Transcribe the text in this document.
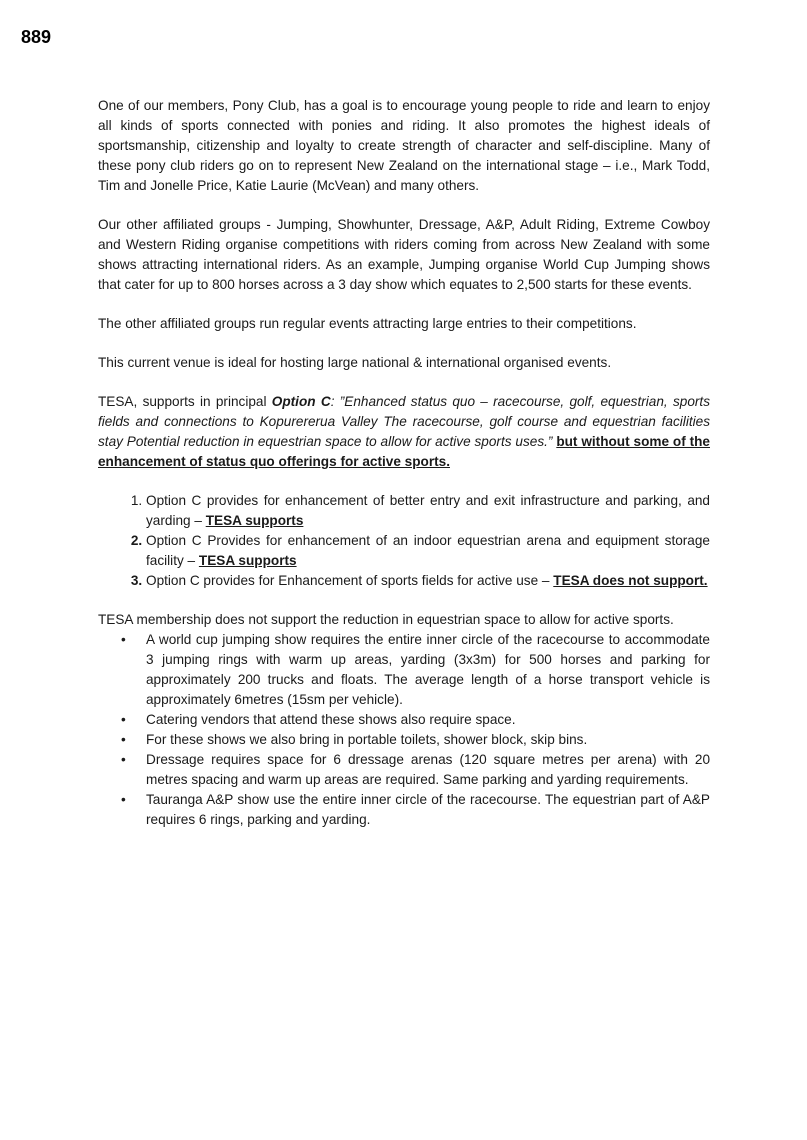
889

One of our members, Pony Club, has a goal is to encourage young people to ride and learn to enjoy all kinds of sports connected with ponies and riding. It also promotes the highest ideals of sportsmanship, citizenship and loyalty to create strength of character and self-discipline. Many of these pony club riders go on to represent New Zealand on the international stage – i.e., Mark Todd, Tim and Jonelle Price, Katie Laurie (McVean) and many others.

Our other affiliated groups - Jumping, Showhunter, Dressage, A&P, Adult Riding, Extreme Cowboy and Western Riding organise competitions with riders coming from across New Zealand with some shows attracting international riders. As an example, Jumping organise World Cup Jumping shows that cater for up to 800 horses across a 3 day show which equates to 2,500 starts for these events.

The other affiliated groups run regular events attracting large entries to their competitions.

This current venue is ideal for hosting large national & international organised events.

TESA, supports in principal Option C: ”Enhanced status quo – racecourse, golf, equestrian, sports fields and connections to Kopurererua Valley The racecourse, golf course and equestrian facilities stay Potential reduction in equestrian space to allow for active sports uses.” but without some of the enhancement of status quo offerings for active sports.

1. Option C provides for enhancement of better entry and exit infrastructure and parking, and yarding – TESA supports
2. Option C Provides for enhancement of an indoor equestrian arena and equipment storage facility – TESA supports
3. Option C provides for Enhancement of sports fields for active use – TESA does not support.

TESA membership does not support the reduction in equestrian space to allow for active sports.

• A world cup jumping show requires the entire inner circle of the racecourse to accommodate 3 jumping rings with warm up areas, yarding (3x3m) for 500 horses and parking for approximately 200 trucks and floats. The average length of a horse transport vehicle is approximately 6metres (15sm per vehicle).
• Catering vendors that attend these shows also require space.
• For these shows we also bring in portable toilets, shower block, skip bins.
• Dressage requires space for 6 dressage arenas (120 square metres per arena) with 20 metres spacing and warm up areas are required. Same parking and yarding requirements.
• Tauranga A&P show use the entire inner circle of the racecourse. The equestrian part of A&P requires 6 rings, parking and yarding.
